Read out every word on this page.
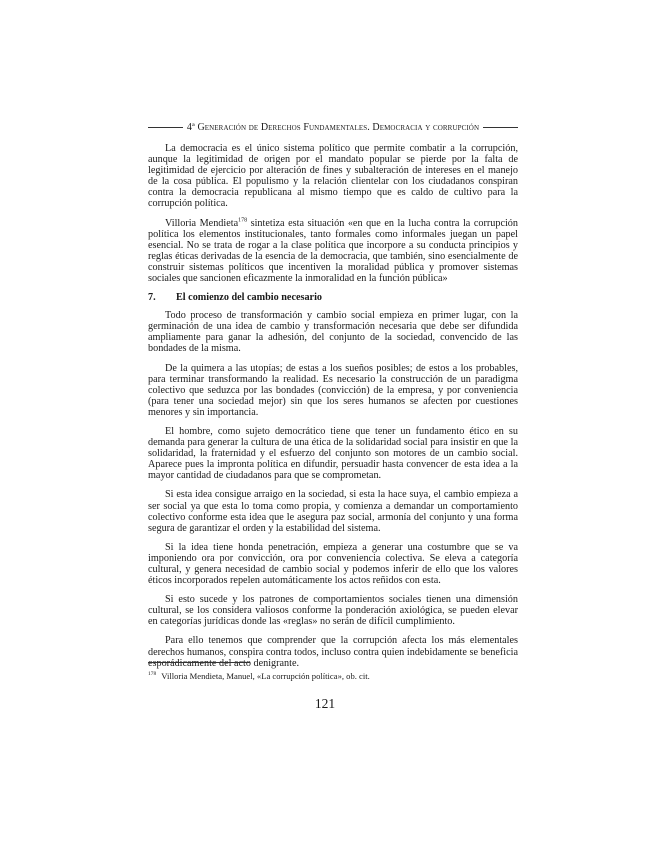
4ª Generación de Derechos Fundamentales. Democracia y corrupción

La democracia es el único sistema político que permite combatir a la corrupción, aunque la legitimidad de origen por el mandato popular se pierde por la falta de legitimidad de ejercicio por alteración de fines y subalteración de intereses en el manejo de la cosa pública. El populismo y la relación clientelar con los ciudadanos conspiran contra la democracia republicana al mismo tiempo que es caldo de cultivo para la corrupción política.

Villoria Mendieta$^{178}$ sintetiza esta situación «en que en la lucha contra la corrupción política los elementos institucionales, tanto formales como informales juegan un papel esencial. No se trata de rogar a la clase política que incorpore a su conducta principios y reglas éticas derivadas de la esencia de la democracia, que también, sino esencialmente de construir sistemas políticos que incentiven la moralidad pública y promover sistemas sociales que sancionen eficazmente la inmoralidad en la función pública»

7.	El comienzo del cambio necesario

Todo proceso de transformación y cambio social empieza en primer lugar, con la germinación de una idea de cambio y transformación necesaria que debe ser difundida ampliamente para ganar la adhesión, del conjunto de la sociedad, convencido de las bondades de la misma.

De la quimera a las utopías; de estas a los sueños posibles; de estos a los probables, para terminar transformando la realidad. Es necesario la construcción de un paradigma colectivo que seduzca por las bondades (convicción) de la empresa, y por conveniencia (para tener una sociedad mejor) sin que los seres humanos se afecten por cuestiones menores y sin importancia.

El hombre, como sujeto democrático tiene que tener un fundamento ético en su demanda para generar la cultura de una ética de la solidaridad social para insistir en que la solidaridad, la fraternidad y el esfuerzo del conjunto son motores de un cambio social. Aparece pues la impronta política en difundir, persuadir hasta convencer de esta idea a la mayor cantidad de ciudadanos para que se comprometan.

Si esta idea consigue arraigo en la sociedad, si esta la hace suya, el cambio empieza a ser social ya que esta lo toma como propia, y comienza a demandar un comportamiento colectivo conforme esta idea que le asegura paz social, armonía del conjunto y una forma segura de garantizar el orden y la estabilidad del sistema.

Si la idea tiene honda penetración, empieza a generar una costumbre que se va imponiendo ora por convicción, ora por conveniencia colectiva. Se eleva a categoría cultural, y genera necesidad de cambio social y podemos inferir de ello que los valores éticos incorporados repelen automáticamente los actos reñidos con esta.

Si esto sucede y los patrones de comportamientos sociales tienen una dimensión cultural, se los considera valiosos conforme la ponderación axiológica, se pueden elevar en categorías jurídicas donde las «reglas» no serán de difícil cumplimiento.

Para ello tenemos que comprender que la corrupción afecta los más elementales derechos humanos, conspira contra todos, incluso contra quien indebidamente se beneficia esporádicamente del acto denigrante.

$^{178}$ Villoria Mendieta, Manuel, «La corrupción política», ob. cit.
121
